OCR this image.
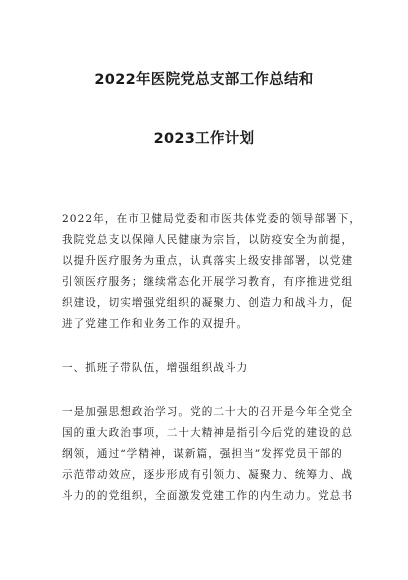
2022年医院党总支部工作总结和
2023工作计划
2022年，在市卫健局党委和市医共体党委的领导部署下，
我院党总支以保障人民健康为宗旨，以防疫安全为前提，
以提升医疗服务为重点，认真落实上级安排部署，以党建
引领医疗服务；继续常态化开展学习教育，有序推进党组
织建设，切实增强党组织的凝聚力、创造力和战斗力，促
进了党建工作和业务工作的双提升。
一、抓班子带队伍，增强组织战斗力
一是加强思想政治学习。党的二十大的召开是今年全党全
国的重大政治事项，二十大精神是指引今后党的建设的总
纲领，通过“学精神，谋新篇，强担当”发挥党员干部的
示范带动效应，逐步形成有引领力、凝聚力、统筹力、战
斗力的的党组织，全面激发党建工作的内生动力。党总书
